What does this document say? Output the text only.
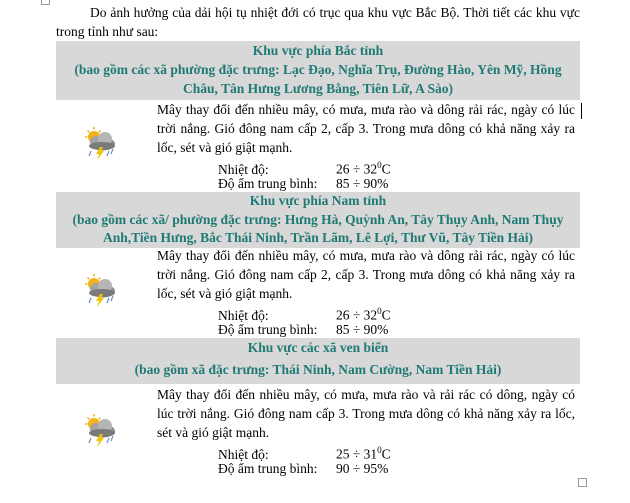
Do ảnh hưởng của dải hội tụ nhiệt đới có trục qua khu vực Bắc Bộ. Thời tiết các khu vực trong tỉnh như sau:
Khu vực phía Bắc tỉnh
(bao gồm các xã phường đặc trưng: Lạc Đạo, Nghĩa Trụ, Đường Hào, Yên Mỹ, Hồng Châu, Tân Hưng Lương Bằng, Tiên Lữ, A Sào)
Mây thay đổi đến nhiều mây, có mưa, mưa rào và dông rải rác, ngày có lúc trời nắng. Gió đông nam cấp 2, cấp 3. Trong mưa dông có khả năng xảy ra lốc, sét và gió giật mạnh.
Nhiệt độ:	$26 \div 32^0C$
Độ ẩm trung bình: 85 ÷ 90%
Khu vực phía Nam tỉnh
(bao gồm các xã/ phường đặc trưng: Hưng Hà, Quỳnh An, Tây Thụy Anh, Nam Thụy Anh,Tiền Hưng, Bắc Thái Ninh, Trần Lãm, Lê Lợi, Thư Vũ, Tây Tiền Hải)
Mây thay đổi đến nhiều mây, có mưa, mưa rào và dông rải rác, ngày có lúc trời nắng. Gió đông nam cấp 2, cấp 3. Trong mưa dông có khả năng xảy ra lốc, sét và gió giật mạnh.
Nhiệt độ:	$26 \div 32^0C$
Độ ẩm trung bình: 85 ÷ 90%
Khu vực các xã ven biển
(bao gồm xã đặc trưng: Thái Ninh, Nam Cường, Nam Tiền Hải)
Mây thay đổi đến nhiều mây, có mưa, mưa rào và rải rác có dông, ngày có lúc trời nắng. Gió đông nam cấp 3. Trong mưa dông có khả năng xảy ra lốc, sét và gió giật mạnh.
Nhiệt độ:	$25 \div 31^0C$
Độ ẩm trung bình: 90 ÷ 95%
